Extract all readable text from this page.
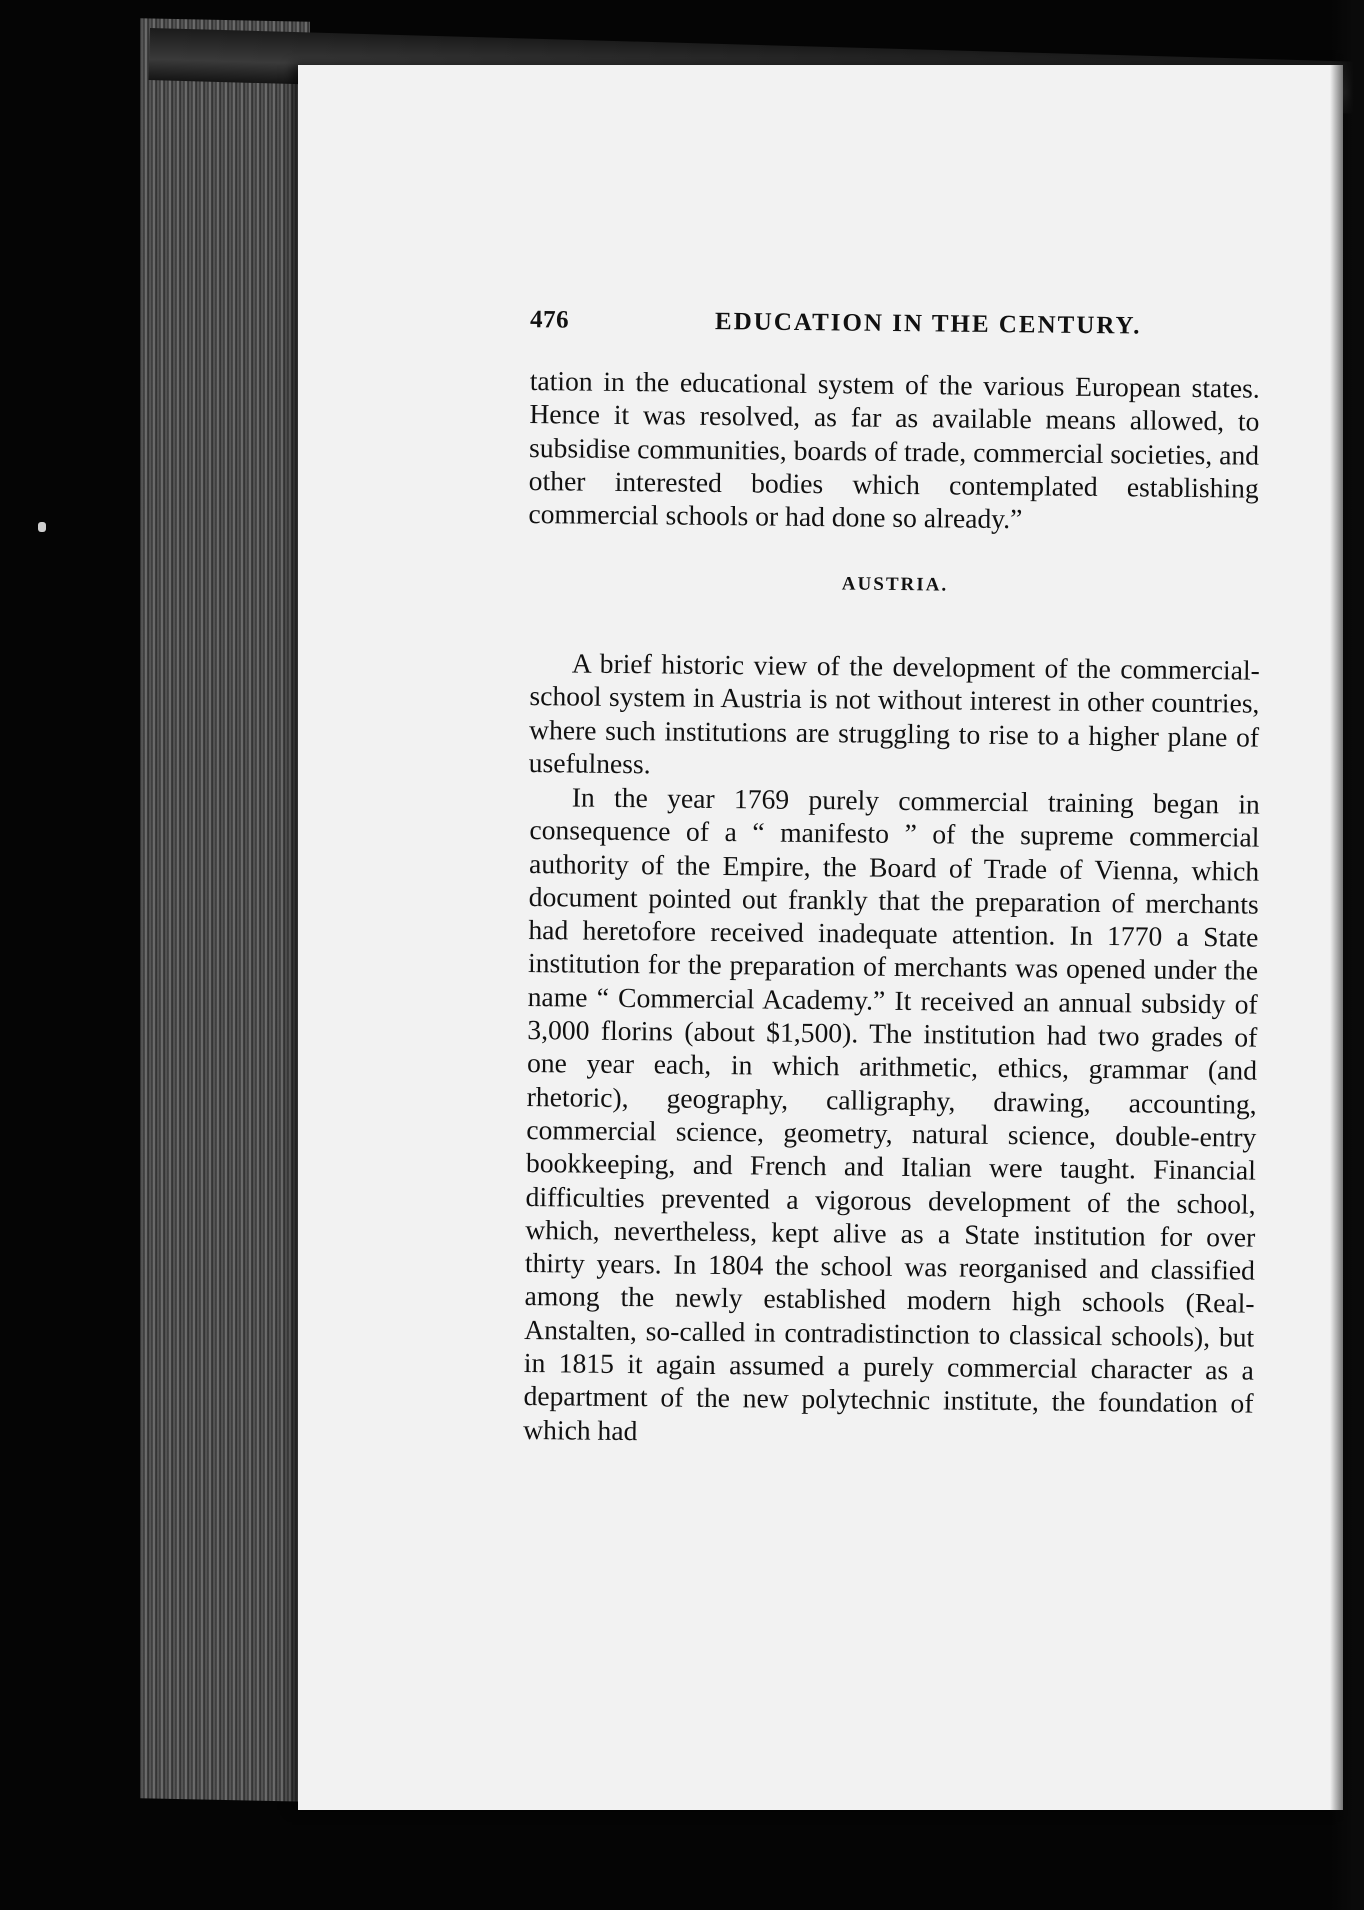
476	EDUCATION IN THE CENTURY.

tation in the educational system of the various European states. Hence it was resolved, as far as available means allowed, to subsidise communities, boards of trade, commercial societies, and other interested bodies which contemplated establishing commercial schools or had done so already.”

AUSTRIA.

A brief historic view of the development of the commercial-school system in Austria is not without interest in other countries, where such institutions are struggling to rise to a higher plane of usefulness.

In the year 1769 purely commercial training began in consequence of a “ manifesto ” of the supreme commercial authority of the Empire, the Board of Trade of Vienna, which document pointed out frankly that the preparation of merchants had heretofore received inadequate attention. In 1770 a State institution for the preparation of merchants was opened under the name “ Commercial Academy.” It received an annual subsidy of 3,000 florins (about $1,500). The institution had two grades of one year each, in which arithmetic, ethics, grammar (and rhetoric), geography, calligraphy, drawing, accounting, commercial science, geometry, natural science, double-entry bookkeeping, and French and Italian were taught. Financial difficulties prevented a vigorous development of the school, which, nevertheless, kept alive as a State institution for over thirty years. In 1804 the school was reorganised and classified among the newly established modern high schools (Real-Anstalten, so-called in contradistinction to classical schools), but in 1815 it again assumed a purely commercial character as a department of the new polytechnic institute, the foundation of which had
